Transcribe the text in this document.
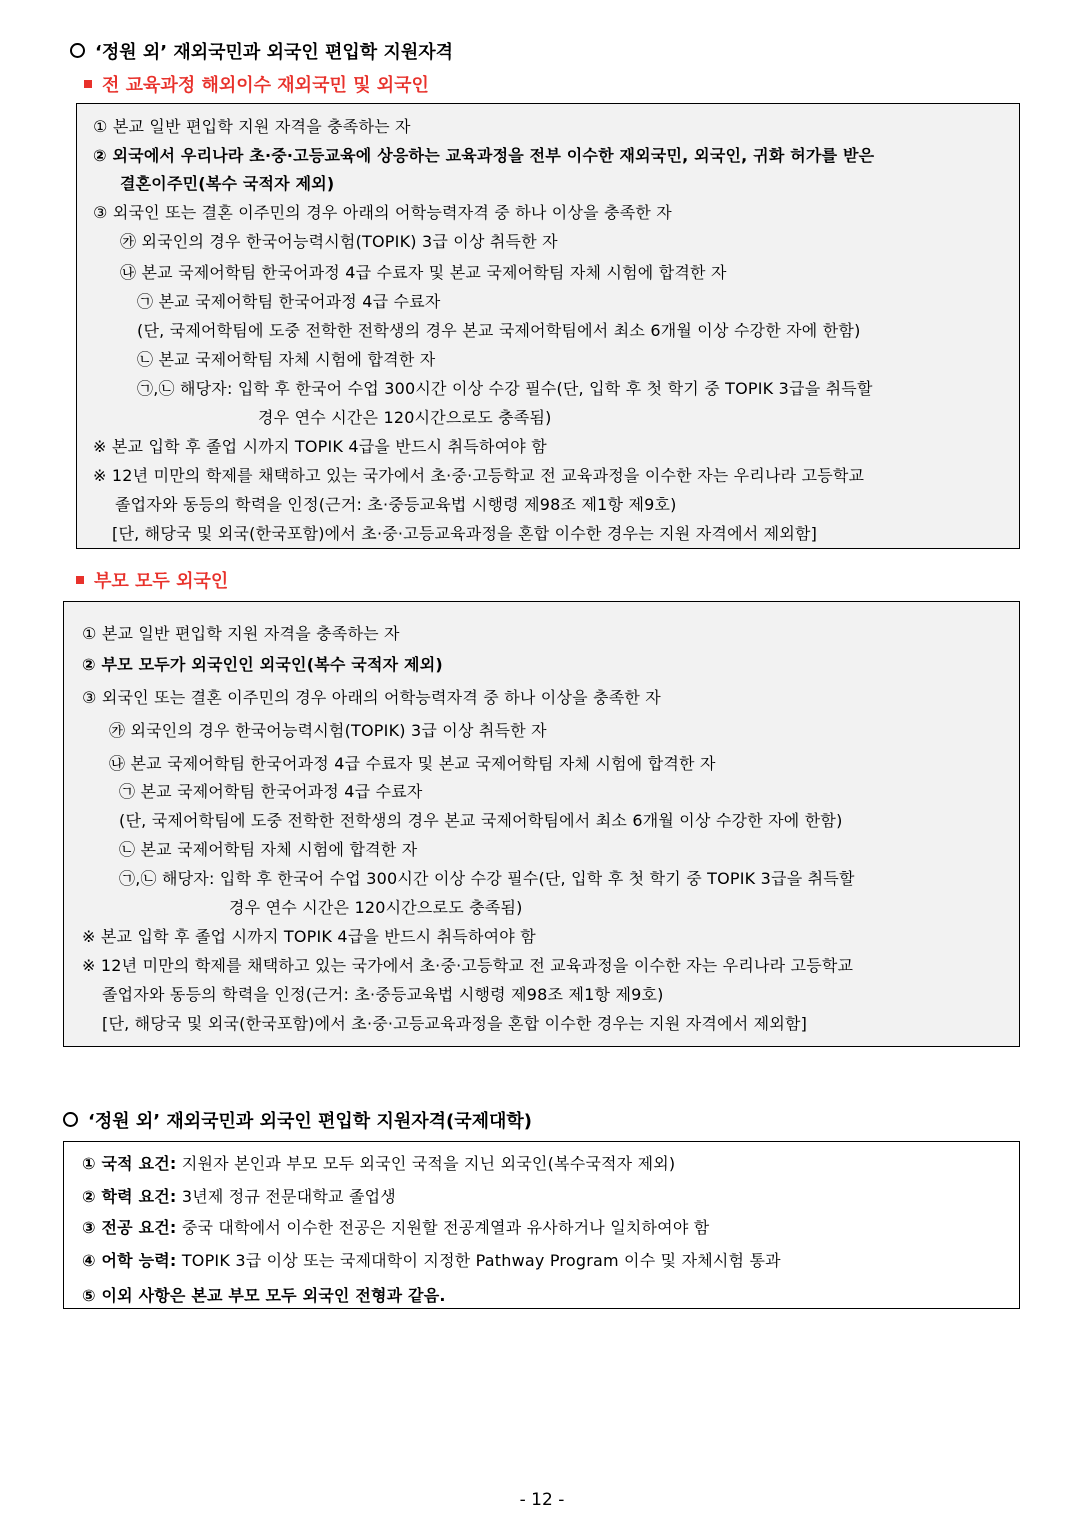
‘정원 외’ 재외국민과 외국인 편입학 지원자격
전 교육과정 해외이수 재외국민 및 외국인
① 본교 일반 편입학 지원 자격을 충족하는 자
② 외국에서 우리나라 초·중·고등교육에 상응하는 교육과정을 전부 이수한 재외국민, 외국인, 귀화 허가를 받은
결혼이주민(복수 국적자 제외)
③ 외국인 또는 결혼 이주민의 경우 아래의 어학능력자격 중 하나 이상을 충족한 자
㉮ 외국인의 경우 한국어능력시험(TOPIK) 3급 이상 취득한 자
㉯ 본교 국제어학팀 한국어과정 4급 수료자 및 본교 국제어학팀 자체 시험에 합격한 자
㉠ 본교 국제어학팀 한국어과정 4급 수료자
(단, 국제어학팀에 도중 전학한 전학생의 경우 본교 국제어학팀에서 최소 6개월 이상 수강한 자에 한함)
㉡ 본교 국제어학팀 자체 시험에 합격한 자
㉠,㉡ 해당자: 입학 후 한국어 수업 300시간 이상 수강 필수(단, 입학 후 첫 학기 중 TOPIK 3급을 취득할
경우 연수 시간은 120시간으로도 충족됨)
※ 본교 입학 후 졸업 시까지 TOPIK 4급을 반드시 취득하여야 함
※ 12년 미만의 학제를 채택하고 있는 국가에서 초·중·고등학교 전 교육과정을 이수한 자는 우리나라 고등학교
졸업자와 동등의 학력을 인정(근거: 초·중등교육법 시행령 제98조 제1항 제9호)
[단, 해당국 및 외국(한국포함)에서 초·중·고등교육과정을 혼합 이수한 경우는 지원 자격에서 제외함]
부모 모두 외국인
① 본교 일반 편입학 지원 자격을 충족하는 자
② 부모 모두가 외국인인 외국인(복수 국적자 제외)
③ 외국인 또는 결혼 이주민의 경우 아래의 어학능력자격 중 하나 이상을 충족한 자
㉮ 외국인의 경우 한국어능력시험(TOPIK) 3급 이상 취득한 자
㉯ 본교 국제어학팀 한국어과정 4급 수료자 및 본교 국제어학팀 자체 시험에 합격한 자
㉠ 본교 국제어학팀 한국어과정 4급 수료자
(단, 국제어학팀에 도중 전학한 전학생의 경우 본교 국제어학팀에서 최소 6개월 이상 수강한 자에 한함)
㉡ 본교 국제어학팀 자체 시험에 합격한 자
㉠,㉡ 해당자: 입학 후 한국어 수업 300시간 이상 수강 필수(단, 입학 후 첫 학기 중 TOPIK 3급을 취득할
경우 연수 시간은 120시간으로도 충족됨)
※ 본교 입학 후 졸업 시까지 TOPIK 4급을 반드시 취득하여야 함
※ 12년 미만의 학제를 채택하고 있는 국가에서 초·중·고등학교 전 교육과정을 이수한 자는 우리나라 고등학교
졸업자와 동등의 학력을 인정(근거: 초·중등교육법 시행령 제98조 제1항 제9호)
[단, 해당국 및 외국(한국포함)에서 초·중·고등교육과정을 혼합 이수한 경우는 지원 자격에서 제외함]
‘정원 외’ 재외국민과 외국인 편입학 지원자격(국제대학)
① 국적 요건: 지원자 본인과 부모 모두 외국인 국적을 지닌 외국인(복수국적자 제외)
② 학력 요건: 3년제 정규 전문대학교 졸업생
③ 전공 요건: 중국 대학에서 이수한 전공은 지원할 전공계열과 유사하거나 일치하여야 함
④ 어학 능력: TOPIK 3급 이상 또는 국제대학이 지정한 Pathway Program 이수 및 자체시험 통과
⑤ 이외 사항은 본교 부모 모두 외국인 전형과 같음.
- 12 -
